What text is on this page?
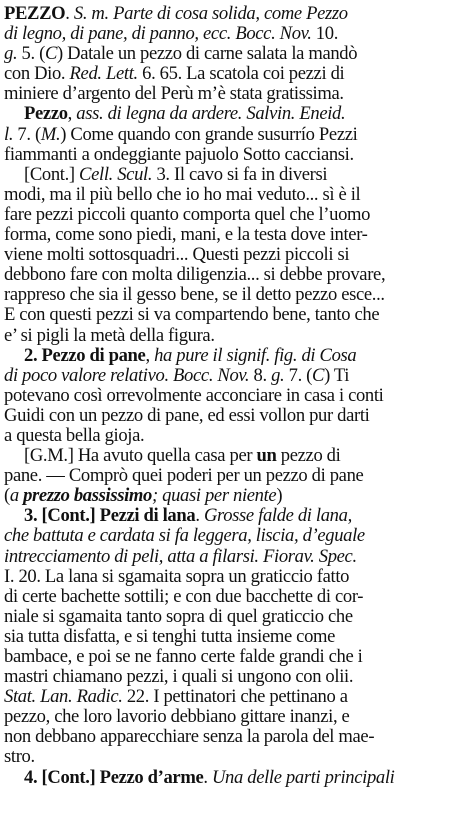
PEZZO. S. m. Parte di cosa solida, come Pezzo
di legno, di pane, di panno, ecc. Bocc. Nov. 10.
g. 5. (C) Datale un pezzo di carne salata la mandò
con Dio. Red. Lett. 6. 65. La scatola coi pezzi di
miniere d’argento del Perù m’è stata gratissima.
Pezzo, ass. di legna da ardere. Salvin. Eneid.
l. 7. (M.) Come quando con grande susurrío Pezzi
fiammanti a ondeggiante pajuolo Sotto cacciansi.
[Cont.] Cell. Scul. 3. Il cavo si fa in diversi
modi, ma il più bello che io ho mai veduto... sì è il
fare pezzi piccoli quanto comporta quel che l’uomo
forma, come sono piedi, mani, e la testa dove inter-
viene molti sottosquadri... Questi pezzi piccoli si
debbono fare con molta diligenzia... si debbe provare,
rappreso che sia il gesso bene, se il detto pezzo esce...
E con questi pezzi si va compartendo bene, tanto che
e’ si pigli la metà della figura.
2. Pezzo di pane, ha pure il signif. fig. di Cosa
di poco valore relativo. Bocc. Nov. 8. g. 7. (C) Ti
potevano così orrevolmente acconciare in casa i conti
Guidi con un pezzo di pane, ed essi vollon pur darti
a questa bella gioja.
[G.M.] Ha avuto quella casa per un pezzo di
pane. — Comprò quei poderi per un pezzo di pane
(a prezzo bassissimo; quasi per niente)
3. [Cont.] Pezzi di lana. Grosse falde di lana,
che battuta e cardata si fa leggera, liscia, d’eguale
intrecciamento di peli, atta a filarsi. Fiorav. Spec.
I. 20. La lana si sgamaita sopra un graticcio fatto
di certe bachette sottili; e con due bacchette di cor-
niale si sgamaita tanto sopra di quel graticcio che
sia tutta disfatta, e si tenghi tutta insieme come
bambace, e poi se ne fanno certe falde grandi che i
mastri chiamano pezzi, i quali si ungono con olii.
Stat. Lan. Radic. 22. I pettinatori che pettinano a
pezzo, che loro lavorio debbiano gittare inanzi, e
non debbano apparecchiare senza la parola del mae-
stro.
4. [Cont.] Pezzo d’arme. Una delle parti principali
